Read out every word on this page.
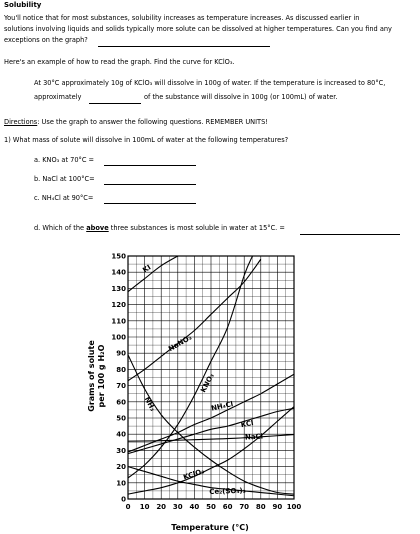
Solubility
You'll notice that for most substances, solubility increases as temperature increases. As discussed earlier in
solutions involving liquids and solids typically more solute can be dissolved at higher temperatures. Can you find any
exceptions on the graph?
Here's an example of how to read the graph. Find the curve for KClO₃.
At 30°C approximately 10g of KClO₃ will dissolve in 100g of water. If the temperature is increased to 80°C,
approximately	of the substance will dissolve in 100g (or 100mL) of water.
Directions: Use the graph to answer the following questions. REMEMBER UNITS!
1) What mass of solute will dissolve in 100mL of water at the following temperatures?
a. KNO₃ at 70°C =
b. NaCl at 100°C=
c. NH₄Cl at 90°C=
d. Which of the above three substances is most soluble in water at 15°C. =
KI
NaNO₃
KNO₃
NH₃	NH₄Cl
KCl
NaCl
KClO₃
Ce₂(SO₄)₃
0 10 20 30 40 50 60 70 80 90 100
0
10
20
30
40
50
60
70
80
90
100
110
120
130
140
150
Grams of solute per 100 g H₂O
Temperature (°C)
